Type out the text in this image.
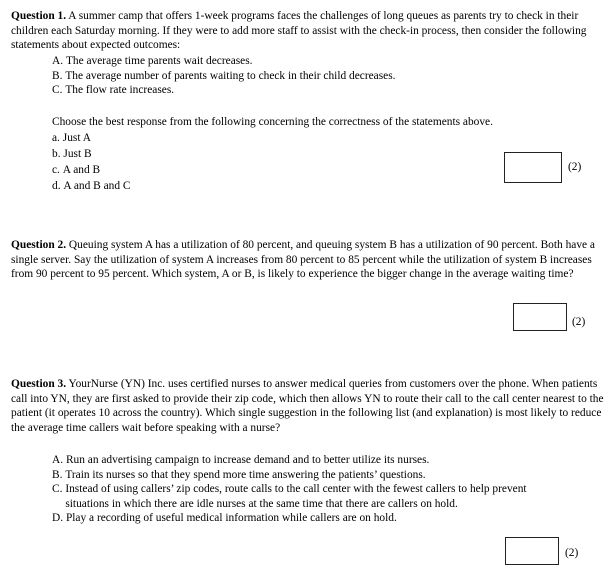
Question 1. A summer camp that offers 1-week programs faces the challenges of long queues as parents try to check in their children each Saturday morning. If they were to add more staff to assist with the check-in process, then consider the following statements about expected outcomes:

A.
The average time parents wait decreases.
B.
The average number of parents waiting to check in their child decreases.
C.
The flow rate increases.

Choose the best response from the following concerning the correctness of the statements above.

a.
Just A
b.
Just B
c.
A and B
d.
A and B and C
(2)

Question 2. Queuing system A has a utilization of 80 percent, and queuing system B has a utilization of 90 percent. Both have a single server. Say the utilization of system A increases from 80 percent to 85 percent while the utilization of system B increases from 90 percent to 95 percent. Which system, A or B, is likely to experience the bigger change in the average waiting time?

(2)

Question 3. YourNurse (YN) Inc. uses certified nurses to answer medical queries from customers over the phone. When patients call into YN, they are first asked to provide their zip code, which then allows YN to route their call to the call center nearest to the patient (it operates 10 across the country). Which single suggestion in the following list (and explanation) is most likely to reduce the average time callers wait before speaking with a nurse?

A.
Run an advertising campaign to increase demand and to better utilize its nurses.
B.
Train its nurses so that they spend more time answering the patients’ questions.
C.
Instead of using callers’ zip codes, route calls to the call center with the fewest callers to help prevent situations in which there are idle nurses at the same time that there are callers on hold.
D.
Play a recording of useful medical information while callers are on hold.
(2)
